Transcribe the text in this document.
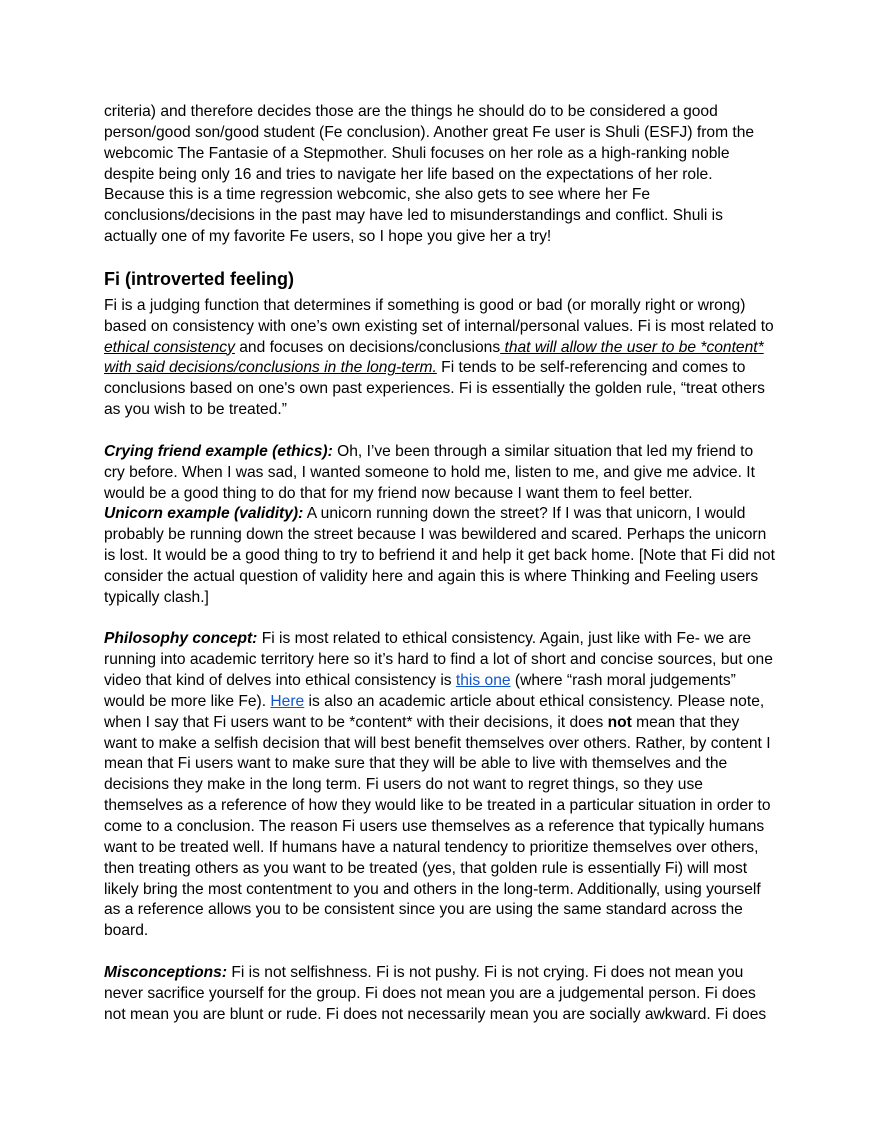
criteria) and therefore decides those are the things he should do to be considered a good person/good son/good student (Fe conclusion). Another great Fe user is Shuli (ESFJ) from the webcomic The Fantasie of a Stepmother. Shuli focuses on her role as a high-ranking noble despite being only 16 and tries to navigate her life based on the expectations of her role. Because this is a time regression webcomic, she also gets to see where her Fe conclusions/decisions in the past may have led to misunderstandings and conflict. Shuli is actually one of my favorite Fe users, so I hope you give her a try!

Fi (introverted feeling)

Fi is a judging function that determines if something is good or bad (or morally right or wrong) based on consistency with one’s own existing set of internal/personal values. Fi is most related to ethical consistency and focuses on decisions/conclusions that will allow the user to be *content* with said decisions/conclusions in the long-term. Fi tends to be self-referencing and comes to conclusions based on one's own past experiences. Fi is essentially the golden rule, “treat others as you wish to be treated.”

Crying friend example (ethics): Oh, I’ve been through a similar situation that led my friend to cry before. When I was sad, I wanted someone to hold me, listen to me, and give me advice. It would be a good thing to do that for my friend now because I want them to feel better.

Unicorn example (validity): A unicorn running down the street? If I was that unicorn, I would probably be running down the street because I was bewildered and scared. Perhaps the unicorn is lost. It would be a good thing to try to befriend it and help it get back home. [Note that Fi did not consider the actual question of validity here and again this is where Thinking and Feeling users typically clash.]

Philosophy concept: Fi is most related to ethical consistency. Again, just like with Fe- we are running into academic territory here so it’s hard to find a lot of short and concise sources, but one video that kind of delves into ethical consistency is this one (where “rash moral judgements” would be more like Fe). Here is also an academic article about ethical consistency. Please note, when I say that Fi users want to be *content* with their decisions, it does not mean that they want to make a selfish decision that will best benefit themselves over others. Rather, by content I mean that Fi users want to make sure that they will be able to live with themselves and the decisions they make in the long term. Fi users do not want to regret things, so they use themselves as a reference of how they would like to be treated in a particular situation in order to come to a conclusion. The reason Fi users use themselves as a reference that typically humans want to be treated well. If humans have a natural tendency to prioritize themselves over others, then treating others as you want to be treated (yes, that golden rule is essentially Fi) will most likely bring the most contentment to you and others in the long-term. Additionally, using yourself as a reference allows you to be consistent since you are using the same standard across the board.

Misconceptions: Fi is not selfishness. Fi is not pushy. Fi is not crying. Fi does not mean you never sacrifice yourself for the group. Fi does not mean you are a judgemental person. Fi does not mean you are blunt or rude. Fi does not necessarily mean you are socially awkward. Fi does
